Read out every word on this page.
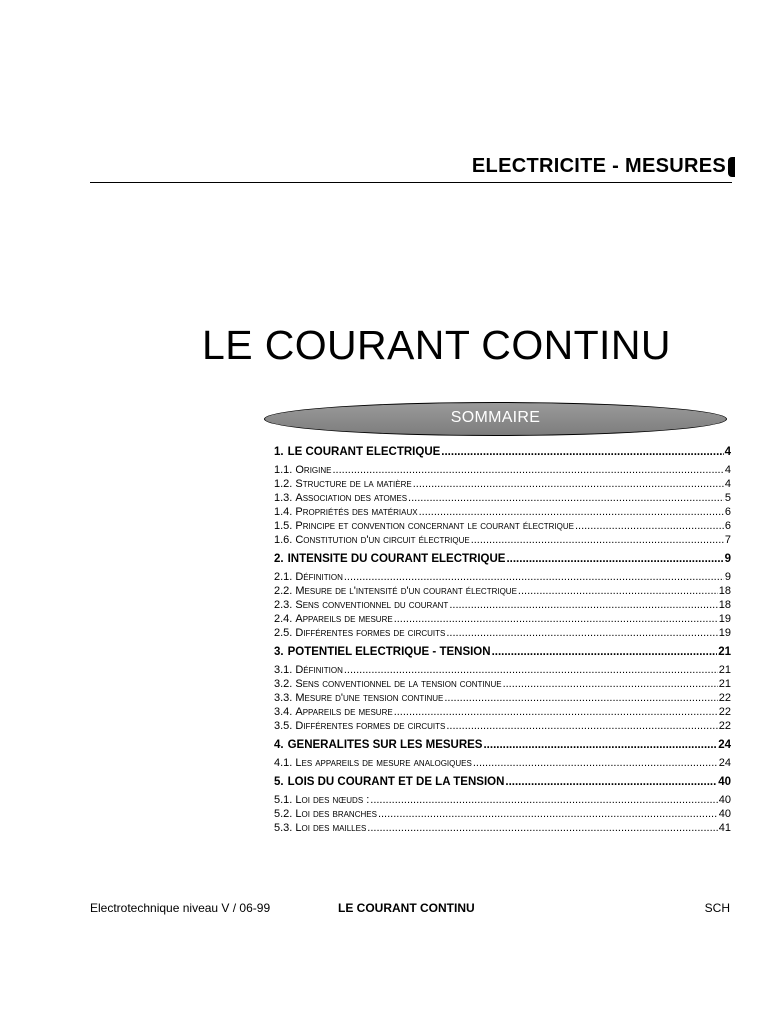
ELECTRICITE - MESURES
LE COURANT CONTINU
SOMMAIRE
1. LE COURANT ELECTRIQUE .....	4
1.1. Origine .....	4
1.2. Structure de la matière .....	4
1.3. Association des atomes .....	5
1.4. Propriétés des matériaux .....	6
1.5. Principe et convention concernant le courant électrique .....	6
1.6. Constitution d'un circuit électrique .....	7
2. INTENSITE DU COURANT ELECTRIQUE .....	9
2.1. Définition .....	9
2.2. Mesure de l'intensité d'un courant électrique .....	18
2.3. Sens conventionnel du courant .....	18
2.4. Appareils de mesure .....	19
2.5. Différentes formes de circuits .....	19
3. POTENTIEL ELECTRIQUE - TENSION .....	21
3.1. Définition .....	21
3.2. Sens conventionnel de la tension continue .....	21
3.3. Mesure d'une tension continue .....	22
3.4. Appareils de mesure .....	22
3.5. Différentes formes de circuits .....	22
4. GENERALITES SUR LES MESURES .....	24
4.1. Les appareils de mesure analogiques .....	24
5. LOIS DU COURANT ET DE LA TENSION .....	40
5.1. Loi des nœuds : .....	40
5.2. Loi des branches .....	40
5.3. Loi des mailles .....	41
Electrotechnique niveau V / 06-99	LE COURANT CONTINU	SCH
